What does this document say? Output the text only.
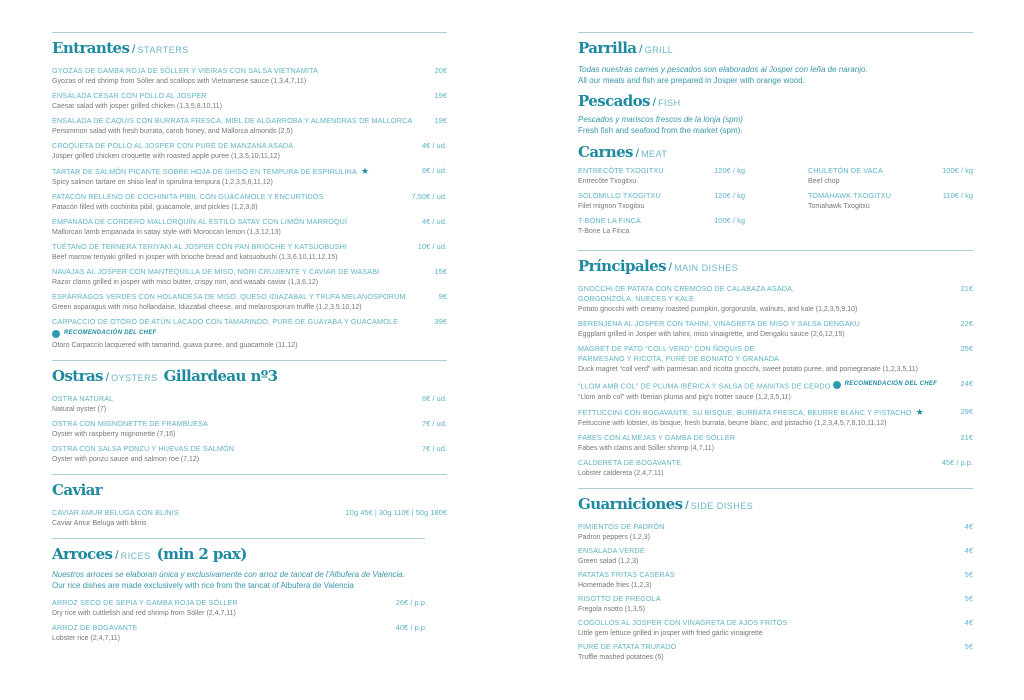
Entrantes / STARTERS
GYOZAS DE GAMBA ROJA DE SÓLLER Y VIEIRAS CON SALSA VIETNAMITA	20€
Gyozas of red shrimp from Sóller and scallops with Vietnamese sauce (1,3,4,7,11)
ENSALADA CÉSAR CON POLLO AL JOSPER	19€
Caesar salad with josper grilled chicken (1,3,5,8,10,11)
ENSALADA DE CAQUIS CON BURRATA FRESCA, MIEL DE ALGARROBA Y ALMENDRAS DE MALLORCA	19€
Persimmon salad with fresh burrata, carob honey, and Mallorca almonds (2,5)
CROQUETA DE POLLO AL JOSPER CON PURÉ DE MANZANA ASADA	4€ / ud.
Josper grilled chicken croquette with roasted apple puree (1,3,5,10,11,12)
TARTAR DE SALMÓN PICANTE SOBRE HOJA DE SHISO EN TEMPURA DE ESPIRULINA ★	6€ / ud.
Spicy salmon tartare on shiso leaf in spirulina tempura (1,2,3,5,6,11,12)
PATACÓN RELLENO DE COCHINITA PIBIL CON GUACAMOLE Y ENCURTIDOS	7,50€ / ud.
Patacón filled with cochinita pibil, guacamole, and pickles (1,2,3,8)
EMPANADA DE CORDERO MALLORQUÍN AL ESTILO SATAY CON LIMÓN MARROQUÍ	4€ / ud.
Mallorcan lamb empanada in satay style with Moroccan lemon (1,3,12,13)
TUÉTANO DE TERNERA TERIYAKI AL JOSPER CON PAN BRIOCHE Y KATSUOBUSHI	10€ / ud.
Beef marrow teriyaki grilled in josper with brioche bread and katsuobushi (1,3,6,10,11,12,15)
NAVAJAS AL JOSPER CON MANTEQUILLA DE MISO, NORI CRUJIENTE Y CAVIAR DE WASABI	15€
Razor clams grilled in josper with miso butter, crispy nori, and wasabi caviar (1,3,6,12)
ESPÁRRAGOS VERDES CON HOLANDESA DE MISO, QUESO IDIAZABAL Y TRUFA MELANOSPORUM	9€
Green asparagus with miso hollandaise, Idiazabal cheese, and melanosporum truffle (1,2,3,5,10,12)
CARPACCIO DE OTORO DE ATÚN LACADO CON TAMARINDO, PURÉ DE GUAYABA Y GUACAMOLE	39€
RECOMENDACIÓN DEL CHEF
Otoro Carpaccio lacquered with tamarind, guava puree, and guacamole (11,12)
Ostras / OYSTERS Gillardeau nº3
OSTRA NATURAL	6€ / ud.
Natural oyster (7)
OSTRA CON MIGNONETTE DE FRAMBUESA	7€ / ud.
Oyster with raspberry mignonette (7,16)
OSTRA CON SALSA PONZU Y HUEVAS DE SALMÓN	7€ / ud.
Oyster with ponzu sauce and salmon roe (7,12)
Caviar
CAVIAR AMUR BELUGA CON BLINIS	10g 45€ | 30g 110€ | 50g 180€
Caviar Amur Beluga with blinis
Arroces / RICES (min 2 pax)
Nuestros arroces se elaboran única y exclusivamente con arroz de tancat de l'Albufera de Valencia.
Our rice dishes are made exclusively with rice from the tancat of Albufera de Valencia
ARROZ SECO DE SEPIA Y GAMBA ROJA DE SÓLLER	26€ / p.p.
Dry rice with cuttlefish and red shrimp from Sóller (2,4,7,11)
ARROZ DE BOGAVANTE	40€ / p.p.
Lobster rice (2,4,7,11)
Parrilla / GRILL
Todas nuestras carnes y pescados son elaborados al Josper con leña de naranjo.
All our meats and fish are prepared in Josper with orange wood.
Pescados / FISH
Pescados y mariscos frescos de la lonja (spm)
Fresh fish and seafood from the market (spm).
Carnes / MEAT
ENTRECÔTE TXOGITXU	120€ / kg
Entrecôte Txogitxu
SOLOMILLO TXOGITXU	120€ / kg
Filet mignon Txogitxu
T-BONE LA FINCA	100€ / kg
T-Bone La Finca
CHULETÓN DE VACA	100€ / kg
Beef chop
TOMAHAWK TXOGITXU	110€ / kg
Tomahawk Txogitxu
Príncipales / MAIN DISHES
GNOCCHI DE PATATA CON CREMOSO DE CALABAZA ASADA, GORGONZOLA, NUECES Y KALE
21€
Potato gnocchi with creamy roasted pumpkin, gorgonzola, walnuts, and kale (1,2,3,5,9,10)
BERENJENA AL JOSPER CON TAHINI, VINAGRETA DE MISO Y SALSA DENGAKU	22€
Eggplant grilled in Josper with tahini, miso vinaigrette, and Dengaku sauce (2,6,12,15)
MAGRET DE PATO “COLL VERD” CON ÑOQUIS DE PARMESANO Y RICOTA, PURÉ DE BONIATO Y GRANADA
25€
Duck magret “coll verd” with parmesan and ricotta gnocchi, sweet potato puree, and pomegranate (1,2,3,5,11)
“LLOM AMB COL” DE PLUMA IBÉRICA Y SALSA DE MANITAS DE CERDO RECOMENDACIÓN DEL CHEF	24€
“Llom amb col” with Iberian pluma and pig's trotter sauce (1,2,3,5,11)
FETTUCCINI CON BOGAVANTE, SU BISQUE, BURRATA FRESCA, BEURRE BLANC Y PISTACHO ★	29€
Fettuccine with lobster, its bisque, fresh burrata, beurre blanc, and pistachio (1,2,3,4,5,7,8,10,11,12)
FABES CON ALMEJAS Y GAMBA DE SÓLLER	21€
Fabes with clams and Sóller shrimp (4,7,11)
CALDERETA DE BOGAVANTE	45€ / p.p.
Lobster caldereta (2,4,7,11)
Guarniciones / SIDE DISHES
PIMIENTOS DE PADRÓN	4€
Padron peppers (1,2,3)
ENSALADA VERDE	4€
Green salad (1,2,3)
PATATAS FRITAS CASERAS	5€
Homemade fries (1,2,3)
RISOTTO DE FREGOLA	5€
Fregola risotto (1,3,5)
COGOLLOS AL JOSPER CON VINAGRETA DE AJOS FRITOS	4€
Little gem lettuce grilled in josper with fried garlic vinaigrette
PURÉ DE PATATA TRUFADO	5€
Truffle mashed potatoes (5)
